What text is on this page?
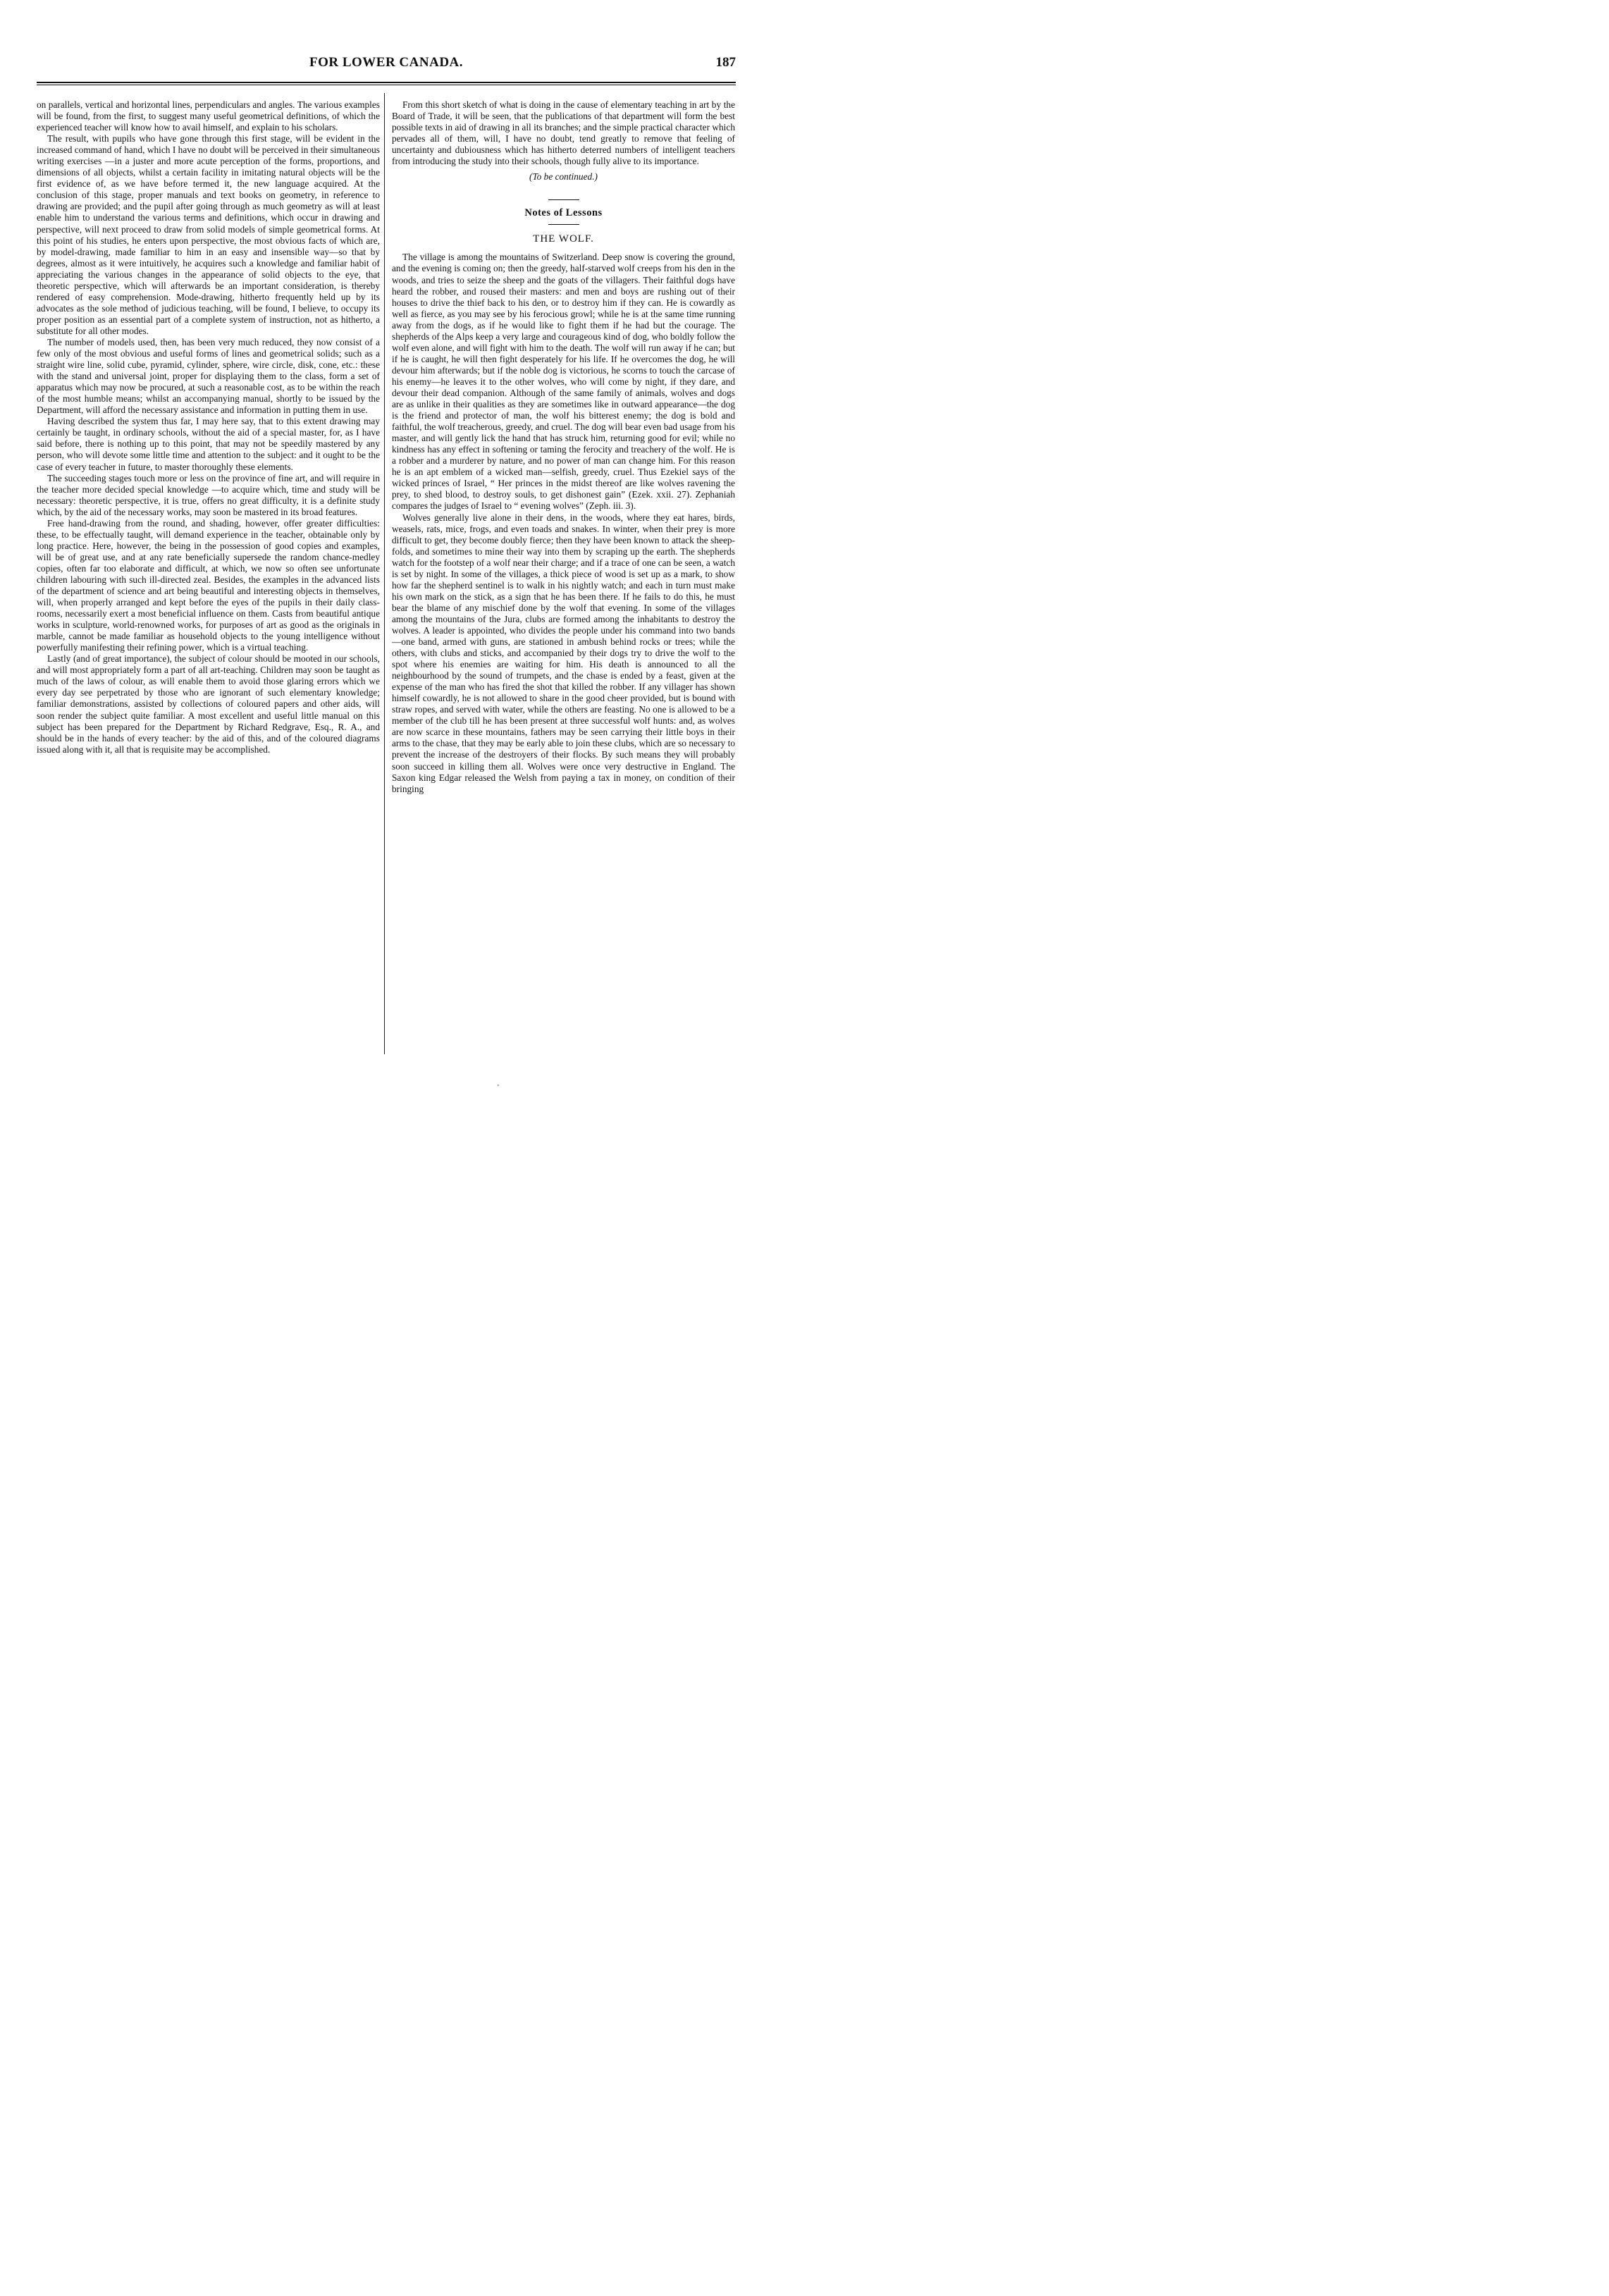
FOR LOWER CANADA.	187

on parallels, vertical and horizontal lines, perpendiculars and angles. The various examples will be found, from the first, to suggest many useful geometrical definitions, of which the experienced teacher will know how to avail himself, and explain to his scholars.

The result, with pupils who have gone through this first stage, will be evident in the increased command of hand, which I have no doubt will be perceived in their simultaneous writing exercises —in a juster and more acute perception of the forms, proportions, and dimensions of all objects, whilst a certain facility in imitating natural objects will be the first evidence of, as we have before termed it, the new language acquired. At the conclusion of this stage, proper manuals and text books on geometry, in reference to drawing are provided; and the pupil after going through as much geometry as will at least enable him to understand the various terms and definitions, which occur in drawing and perspective, will next proceed to draw from solid models of simple geometrical forms. At this point of his studies, he enters upon perspective, the most obvious facts of which are, by model-drawing, made familiar to him in an easy and insensible way—so that by degrees, almost as it were intuitively, he acquires such a knowledge and familiar habit of appreciating the various changes in the appearance of solid objects to the eye, that theoretic perspective, which will afterwards be an important consideration, is thereby rendered of easy comprehension. Mode-drawing, hitherto frequently held up by its advocates as the sole method of judicious teaching, will be found, I believe, to occupy its proper position as an essential part of a complete system of instruction, not as hitherto, a substitute for all other modes.

The number of models used, then, has been very much reduced, they now consist of a few only of the most obvious and useful forms of lines and geometrical solids; such as a straight wire line, solid cube, pyramid, cylinder, sphere, wire circle, disk, cone, etc.: these with the stand and universal joint, proper for displaying them to the class, form a set of apparatus which may now be procured, at such a reasonable cost, as to be within the reach of the most humble means; whilst an accompanying manual, shortly to be issued by the Department, will afford the necessary assistance and information in putting them in use.

Having described the system thus far, I may here say, that to this extent drawing may certainly be taught, in ordinary schools, without the aid of a special master, for, as I have said before, there is nothing up to this point, that may not be speedily mastered by any person, who will devote some little time and attention to the subject: and it ought to be the case of every teacher in future, to master thoroughly these elements.

The succeeding stages touch more or less on the province of fine art, and will require in the teacher more decided special knowledge —to acquire which, time and study will be necessary: theoretic perspective, it is true, offers no great difficulty, it is a definite study which, by the aid of the necessary works, may soon be mastered in its broad features.

Free hand-drawing from the round, and shading, however, offer greater difficulties: these, to be effectually taught, will demand experience in the teacher, obtainable only by long practice. Here, however, the being in the possession of good copies and examples, will be of great use, and at any rate beneficially supersede the random chance-medley copies, often far too elaborate and difficult, at which, we now so often see unfortunate children labouring with such ill-directed zeal. Besides, the examples in the advanced lists of the department of science and art being beautiful and interesting objects in themselves, will, when properly arranged and kept before the eyes of the pupils in their daily class-rooms, necessarily exert a most beneficial influence on them. Casts from beautiful antique works in sculpture, world-renowned works, for purposes of art as good as the originals in marble, cannot be made familiar as household objects to the young intelligence without powerfully manifesting their refining power, which is a virtual teaching.

Lastly (and of great importance), the subject of colour should be mooted in our schools, and will most appropriately form a part of all art-teaching. Children may soon be taught as much of the laws of colour, as will enable them to avoid those glaring errors which we every day see perpetrated by those who are ignorant of such elementary knowledge; familiar demonstrations, assisted by collections of coloured papers and other aids, will soon render the subject quite familiar. A most excellent and useful little manual on this subject has been prepared for the Department by Richard Redgrave, Esq., R. A., and should be in the hands of every teacher: by the aid of this, and of the coloured diagrams issued along with it, all that is requisite may be accomplished.

From this short sketch of what is doing in the cause of elementary teaching in art by the Board of Trade, it will be seen, that the publications of that department will form the best possible texts in aid of drawing in all its branches; and the simple practical character which pervades all of them, will, I have no doubt, tend greatly to remove that feeling of uncertainty and dubiousness which has hitherto deterred numbers of intelligent teachers from introducing the study into their schools, though fully alive to its importance.

(To be continued.)
Notes of Lessons
THE WOLF.

The village is among the mountains of Switzerland. Deep snow is covering the ground, and the evening is coming on; then the greedy, half-starved wolf creeps from his den in the woods, and tries to seize the sheep and the goats of the villagers. Their faithful dogs have heard the robber, and roused their masters: and men and boys are rushing out of their houses to drive the thief back to his den, or to destroy him if they can. He is cowardly as well as fierce, as you may see by his ferocious growl; while he is at the same time running away from the dogs, as if he would like to fight them if he had but the courage. The shepherds of the Alps keep a very large and courageous kind of dog, who boldly follow the wolf even alone, and will fight with him to the death. The wolf will run away if he can; but if he is caught, he will then fight desperately for his life. If he overcomes the dog, he will devour him afterwards; but if the noble dog is victorious, he scorns to touch the carcase of his enemy—he leaves it to the other wolves, who will come by night, if they dare, and devour their dead companion. Although of the same family of animals, wolves and dogs are as unlike in their qualities as they are sometimes like in outward appearance—the dog is the friend and protector of man, the wolf his bitterest enemy; the dog is bold and faithful, the wolf treacherous, greedy, and cruel. The dog will bear even bad usage from his master, and will gently lick the hand that has struck him, returning good for evil; while no kindness has any effect in softening or taming the ferocity and treachery of the wolf. He is a robber and a murderer by nature, and no power of man can change him. For this reason he is an apt emblem of a wicked man—selfish, greedy, cruel. Thus Ezekiel says of the wicked princes of Israel, “ Her princes in the midst thereof are like wolves ravening the prey, to shed blood, to destroy souls, to get dishonest gain” (Ezek. xxii. 27). Zephaniah compares the judges of Israel to “ evening wolves” (Zeph. iii. 3).

Wolves generally live alone in their dens, in the woods, where they eat hares, birds, weasels, rats, mice, frogs, and even toads and snakes. In winter, when their prey is more difficult to get, they become doubly fierce; then they have been known to attack the sheep-folds, and sometimes to mine their way into them by scraping up the earth. The shepherds watch for the footstep of a wolf near their charge; and if a trace of one can be seen, a watch is set by night. In some of the villages, a thick piece of wood is set up as a mark, to show how far the shepherd sentinel is to walk in his nightly watch; and each in turn must make his own mark on the stick, as a sign that he has been there. If he fails to do this, he must bear the blame of any mischief done by the wolf that evening. In some of the villages among the mountains of the Jura, clubs are formed among the inhabitants to destroy the wolves. A leader is appointed, who divides the people under his command into two bands—one band, armed with guns, are stationed in ambush behind rocks or trees; while the others, with clubs and sticks, and accompanied by their dogs try to drive the wolf to the spot where his enemies are waiting for him. His death is announced to all the neighbourhood by the sound of trumpets, and the chase is ended by a feast, given at the expense of the man who has fired the shot that killed the robber. If any villager has shown himself cowardly, he is not allowed to share in the good cheer provided, but is bound with straw ropes, and served with water, while the others are feasting. No one is allowed to be a member of the club till he has been present at three successful wolf hunts: and, as wolves are now scarce in these mountains, fathers may be seen carrying their little boys in their arms to the chase, that they may be early able to join these clubs, which are so necessary to prevent the increase of the destroyers of their flocks. By such means they will probably soon succeed in killing them all. Wolves were once very destructive in England. The Saxon king Edgar released the Welsh from paying a tax in money, on condition of their bringing

'
